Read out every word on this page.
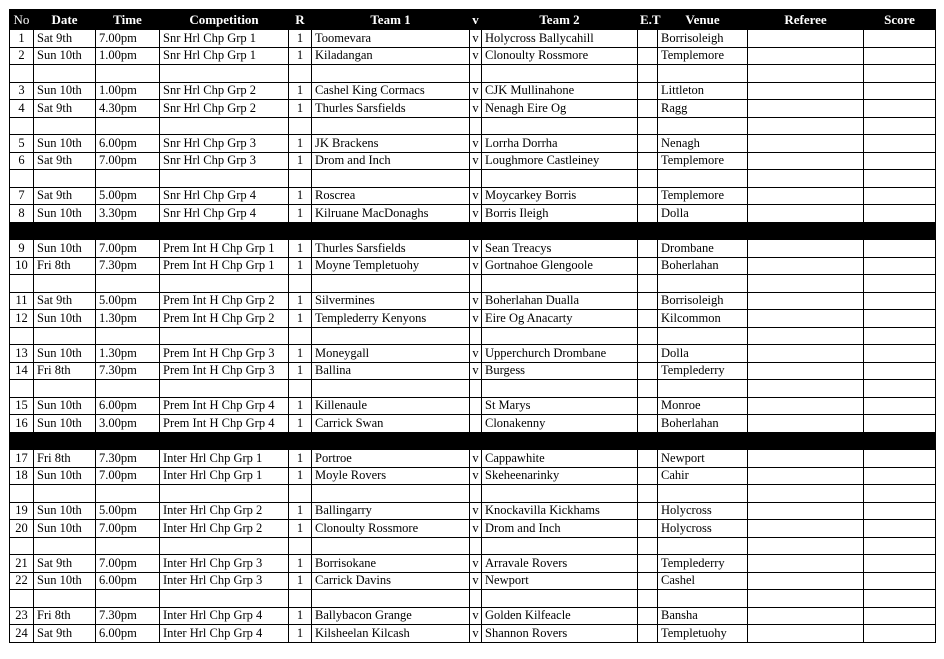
No	Date	Time	Competition	R	Team 1	v	Team 2	E.T	Venue	Referee	Score
1	Sat 9th	7.00pm	Snr Hrl Chp Grp 1	1	Toomevara	v	Holycross Ballycahill		Borrisoleigh		
2	Sun 10th	1.00pm	Snr Hrl Chp Grp 1	1	Kiladangan	v	Clonoulty Rossmore		Templemore		

3	Sun 10th	1.00pm	Snr Hrl Chp Grp 2	1	Cashel King Cormacs	v	CJK Mullinahone		Littleton		
4	Sat 9th	4.30pm	Snr Hrl Chp Grp 2	1	Thurles Sarsfields	v	Nenagh Eire Og		Ragg		

5	Sun 10th	6.00pm	Snr Hrl Chp Grp 3	1	JK Brackens	v	Lorrha Dorrha		Nenagh		
6	Sat 9th	7.00pm	Snr Hrl Chp Grp 3	1	Drom and Inch	v	Loughmore Castleiney		Templemore		

7	Sat 9th	5.00pm	Snr Hrl Chp Grp 4	1	Roscrea	v	Moycarkey Borris		Templemore		
8	Sun 10th	3.30pm	Snr Hrl Chp Grp 4	1	Kilruane MacDonaghs	v	Borris Ileigh		Dolla		

9	Sun 10th	7.00pm	Prem Int H Chp Grp 1	1	Thurles Sarsfields	v	Sean Treacys		Drombane		
10	Fri 8th	7.30pm	Prem Int H Chp Grp 1	1	Moyne Templetuohy	v	Gortnahoe Glengoole		Boherlahan		

11	Sat 9th	5.00pm	Prem Int H Chp Grp 2	1	Silvermines	v	Boherlahan Dualla		Borrisoleigh		
12	Sun 10th	1.30pm	Prem Int H Chp Grp 2	1	Templederry Kenyons	v	Eire Og Anacarty		Kilcommon		

13	Sun 10th	1.30pm	Prem Int H Chp Grp 3	1	Moneygall	v	Upperchurch Drombane		Dolla		
14	Fri 8th	7.30pm	Prem Int H Chp Grp 3	1	Ballina	v	Burgess		Templederry		

15	Sun 10th	6.00pm	Prem Int H Chp Grp 4	1	Killenaule		St Marys		Monroe		
16	Sun 10th	3.00pm	Prem Int H Chp Grp 4	1	Carrick Swan		Clonakenny		Boherlahan		

17	Fri 8th	7.30pm	Inter Hrl Chp Grp 1	1	Portroe	v	Cappawhite		Newport		
18	Sun 10th	7.00pm	Inter Hrl Chp Grp 1	1	Moyle Rovers	v	Skeheenarinky		Cahir		

19	Sun 10th	5.00pm	Inter Hrl Chp Grp 2	1	Ballingarry	v	Knockavilla Kickhams		Holycross		
20	Sun 10th	7.00pm	Inter Hrl Chp Grp 2	1	Clonoulty Rossmore	v	Drom and Inch		Holycross		

21	Sat 9th	7.00pm	Inter Hrl Chp Grp 3	1	Borrisokane	v	Arravale Rovers		Templederry		
22	Sun 10th	6.00pm	Inter Hrl Chp Grp 3	1	Carrick Davins	v	Newport		Cashel		

23	Fri 8th	7.30pm	Inter Hrl Chp Grp 4	1	Ballybacon Grange	v	Golden Kilfeacle		Bansha		
24	Sat 9th	6.00pm	Inter Hrl Chp Grp 4	1	Kilsheelan Kilcash	v	Shannon Rovers		Templetuohy		
